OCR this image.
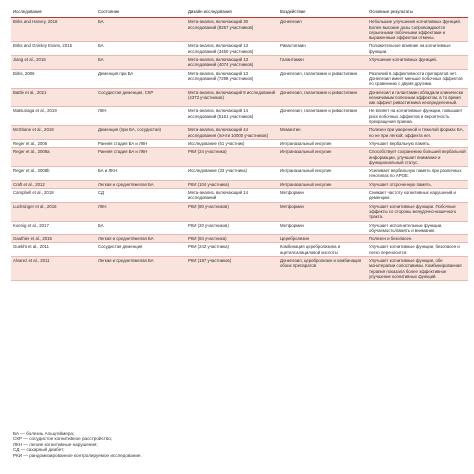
Исследование	Состояние	Дизайн исследования	Воздействие	Основные результаты
Birks and Harvey, 2018	БА	Мета-анализ, включающий 30 исследований (8257 участников)	Донепезил	Небольшие улучшения когнитивных функций. Более высокие дозы сопровождаются серьезными побочными эффектами и выраженным эффектом отмены.
Birks and Grimley Evans, 2015	БА	Мета-анализ, включающий 13 исследований (3450 участников)	Ривастигмин	Положительное влияние на когнитивные функции.
Jiang et al., 2015	БА	Мета-анализ, включающий 13 исследований (4074 участников)	Галантамин	Улучшение когнитивных функций.
Birks, 2006	Деменция при БА	Мета-анализ, включающий 13 исследований (7298 участников)	Донепезил, галантамин и ривастигмин	Различий в эффективности препаратов нет. Донепезил имеет меньше побочных эффектов по сравнению с двумя другими.
Battle et al., 2021	Сосудистая деменция, СКР	Мета-анализ, включающий 8 исследований (4373 участников)	Донепезил, галантамин и ривастигмин	Донепезил и галантамин обладали клинически незначимым полезным эффектом, в то время как эффект ривастигмина неопределенный.
Matsunaga et al., 2019	ЛКН	Мета-анализ, включающий 14 исследований (5161 участников)	Донепезил, галантамин и ривастигмин	Не влияет на когнитивные функции, повышает риск побочных эффектов и вероятность прекращения приема.
McShane et al., 2019	Деменция (при БА, сосудистая)	Мета-анализ, включающий 44 исследования (почти 10000 участников)	Мемантин	Полезен при умеренной и тяжелой формах БА, но не при легкой; эффекта нет.
Reger et al., 2006	Ранняя стадия БА и ЛКН	Исследование (61 участник)	Интраназальный инсулин	Улучшает вербальную память.
Reger et al., 2008a	Ранняя стадия БА и ЛКН	РКИ (24 участника)	Интраназальный инсулин	Способствует сохранению большей вербальной информации, улучшает внимание и функциональный статус.
Reger et al., 2008b	БА и ЛКН	Исследование (33 участника)	Интраназальный инсулин	Усиливает вербальную память при различных генотипах по APOE.
Craft et al., 2012	Легкая и среднетяжелая БА	РКИ (104 участника)	Интраназальный инсулин	Улучшает отсроченную память.
Campbell et al., 2018	СД	Мета-анализ, включающий 14 исследований	Метформин	Снижает частоту когнитивных нарушений и деменции.
Luchsinger et al., 2016	ЛКН	РКИ (80 участников)	Метформин	Улучшает когнитивные функции. Побочные эффекты со стороны желудочно-кишечного тракта.
Koenig et al., 2017	БА	РКИ (20 участников)	Метформин	Улучшает исполнительные функции, обучаемость/память и внимание.
Gauthier et al., 2015	Легкая и среднетяжелая БА	РКИ (84 участника)	Церебролизин	Полезен и безопасен.
Guekht et al., 2011	Сосудистая деменция	РКИ (242 участника)	Комбинация церебролизина и ацетилсалициловой кислоты	Улучшает когнитивные функции, безопасен и легко переносится.
Alvarez et al., 2011	Легкая и среднетяжелая БА	РКИ (197 участников)	Донепезил, церебролизин и комбинация обоих препаратов	Улучшает когнитивные функции, обе монотерапии сопоставимы. Комбинированная терапия показала более эффективное улучшение когнитивных функций.
БА — болезнь Альцгеймера;
СКР — сосудистое когнитивное расстройство;
ЛКН — легкие когнитивные нарушения;
СД — сахарный диабет;
РКИ — рандомизированное контролируемое исследование.
